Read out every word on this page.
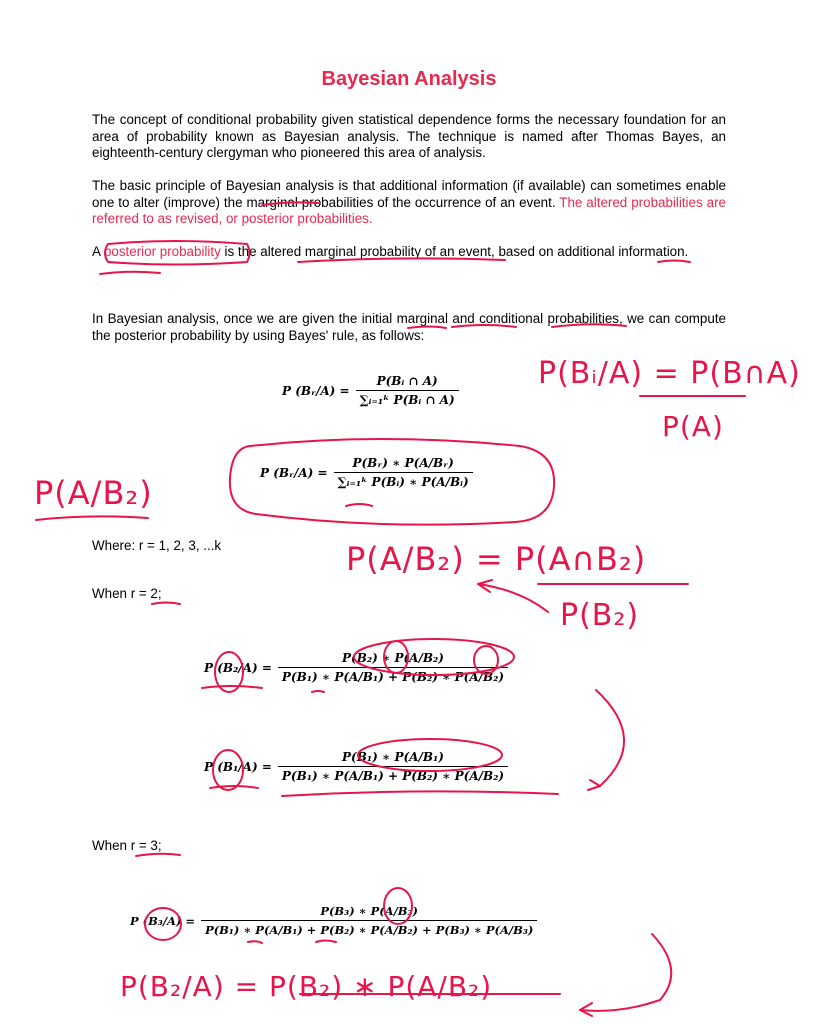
Bayesian Analysis
The concept of conditional probability given statistical dependence forms the necessary foundation for an area of probability known as Bayesian analysis. The technique is named after Thomas Bayes, an eighteenth-century clergyman who pioneered this area of analysis.
The basic principle of Bayesian analysis is that additional information (if available) can sometimes enable one to alter (improve) the marginal probabilities of the occurrence of an event. The altered probabilities are referred to as revised, or posterior probabilities.
A posterior probability is the altered marginal probability of an event, based on additional information.
In Bayesian analysis, once we are given the initial marginal and conditional probabilities, we can compute the posterior probability by using Bayes' rule, as follows:
P (Bᵣ/A) = $\frac{\text{P(Bᵢ ∩ A)}}{\text{∑ᵢ₌₁ᵏ P(Bᵢ ∩ A)}}$
P (Bᵣ/A) = $\frac{\text{P(Bᵣ) ∗ P(A/Bᵣ)}}{\text{∑ᵢ₌₁ᵏ P(Bᵢ) ∗ P(A/Bᵢ)}}$
Where: r = 1, 2, 3, ...k
When r = 2;
P $(B_2/A) = \frac{\text{P(B₂) ∗ P(A/B₂)}}{\text{P(B₁) ∗ P(A/B₁) + P(B₂) ∗ P(A/B₂)}}$
P $(B_1/A) = \frac{\text{P(B₁) ∗ P(A/B₁)}}{\text{P(B₁) ∗ P(A/B₁) + P(B₂) ∗ P(A/B₂)}}$
When r = 3;
P $(B_3/A) = \frac{\text{P(B₃) ∗ P(A/B₃)}}{\text{P(B₁) ∗ P(A/B₁) + P(B₂) ∗ P(A/B₂) + P(B₃) ∗ P(A/B₃)}}$
P(Bᵢ/A) = P(B∩A)
P(A)
P(A/B₂)
P(A/B₂) = P(A∩B₂)
P(B₂)
P(B₂/A) = P(B₂) ∗ P(A/B₂)
